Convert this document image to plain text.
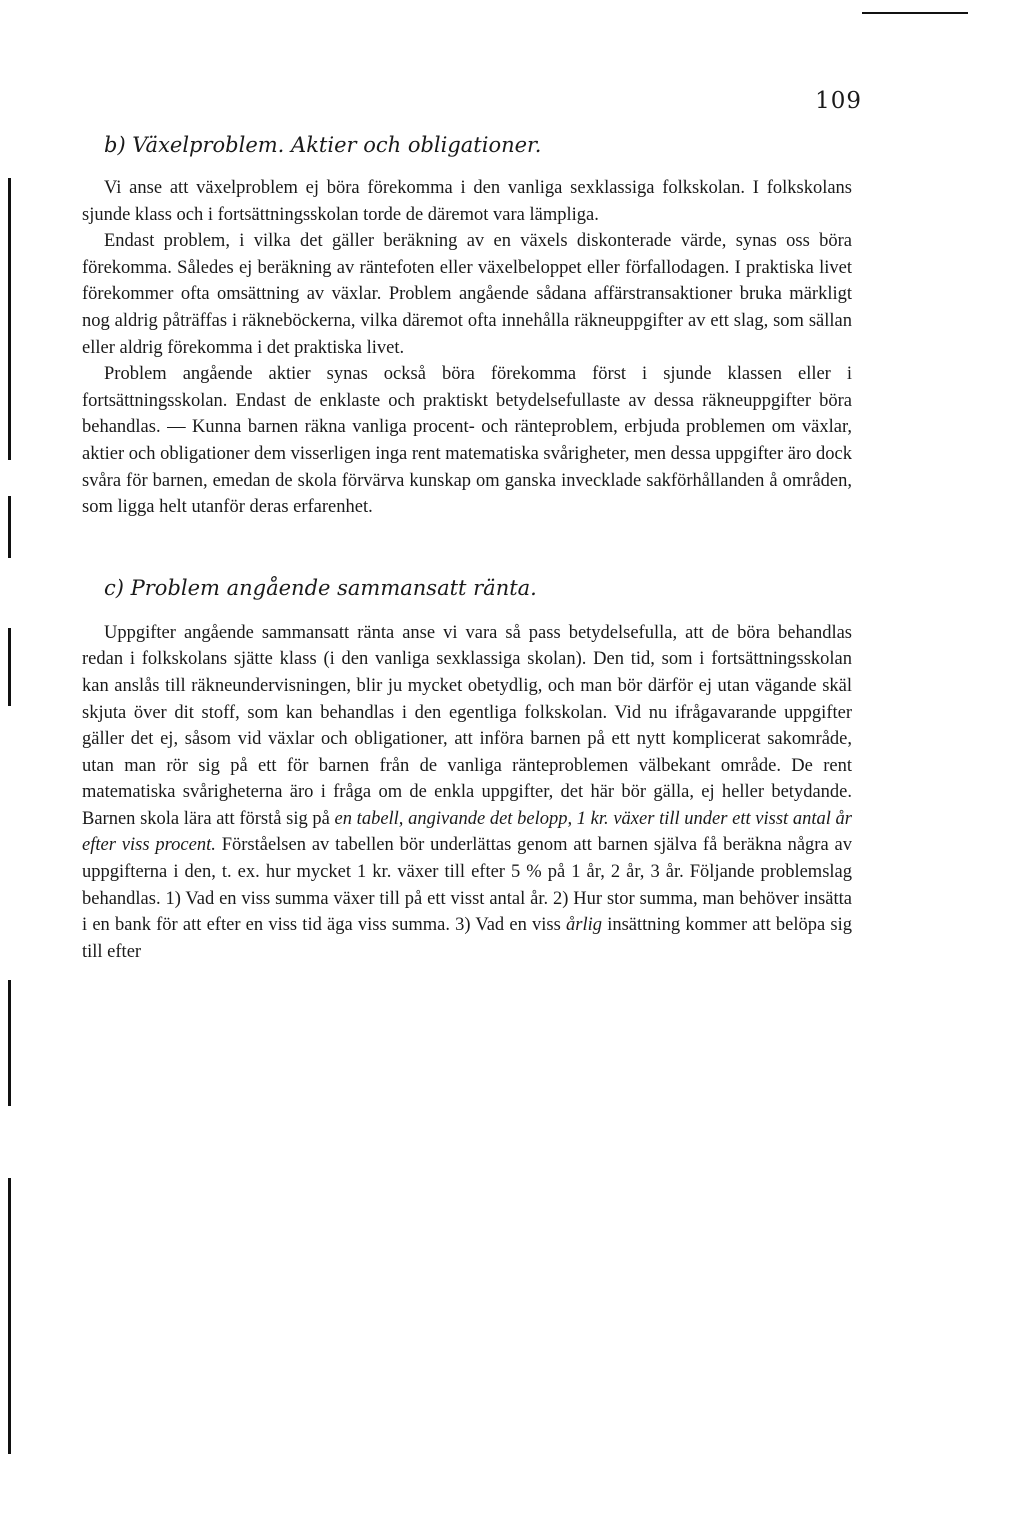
109
b) Växelproblem. Aktier och obligationer.

Vi anse att växelproblem ej böra förekomma i den vanliga sexklassiga folkskolan. I folkskolans sjunde klass och i fortsättningsskolan torde de däremot vara lämpliga.

Endast problem, i vilka det gäller beräkning av en växels diskonterade värde, synas oss böra förekomma. Således ej beräkning av räntefoten eller växelbeloppet eller förfallodagen. I praktiska livet förekommer ofta omsättning av växlar. Problem angående sådana affärstransaktioner bruka märkligt nog aldrig påträffas i räkneböckerna, vilka däremot ofta innehålla räkneuppgifter av ett slag, som sällan eller aldrig förekomma i det praktiska livet.

Problem angående aktier synas också böra förekomma först i sjunde klassen eller i fortsättningsskolan. Endast de enklaste och praktiskt betydelsefullaste av dessa räkneuppgifter böra behandlas. — Kunna barnen räkna vanliga procent- och ränteproblem, erbjuda problemen om växlar, aktier och obligationer dem visserligen inga rent matematiska svårigheter, men dessa uppgifter äro dock svåra för barnen, emedan de skola förvärva kunskap om ganska invecklade sakförhållanden å områden, som ligga helt utanför deras erfarenhet.

c) Problem angående sammansatt ränta.

Uppgifter angående sammansatt ränta anse vi vara så pass betydelsefulla, att de böra behandlas redan i folkskolans sjätte klass (i den vanliga sexklassiga skolan). Den tid, som i fortsättningsskolan kan anslås till räkneundervisningen, blir ju mycket obetydlig, och man bör därför ej utan vägande skäl skjuta över dit stoff, som kan behandlas i den egentliga folkskolan. Vid nu ifrågavarande uppgifter gäller det ej, såsom vid växlar och obligationer, att införa barnen på ett nytt komplicerat sakområde, utan man rör sig på ett för barnen från de vanliga ränteproblemen välbekant område. De rent matematiska svårigheterna äro i fråga om de enkla uppgifter, det här bör gälla, ej heller betydande. Barnen skola lära att förstå sig på en tabell, angivande det belopp, 1 kr. växer till under ett visst antal år efter viss procent. Förståelsen av tabellen bör underlättas genom att barnen själva få beräkna några av uppgifterna i den, t. ex. hur mycket 1 kr. växer till efter 5 % på 1 år, 2 år, 3 år. Följande problemslag behandlas. 1) Vad en viss summa växer till på ett visst antal år. 2) Hur stor summa, man behöver insätta i en bank för att efter en viss tid äga viss summa. 3) Vad en viss årlig insättning kommer att belöpa sig till efter
